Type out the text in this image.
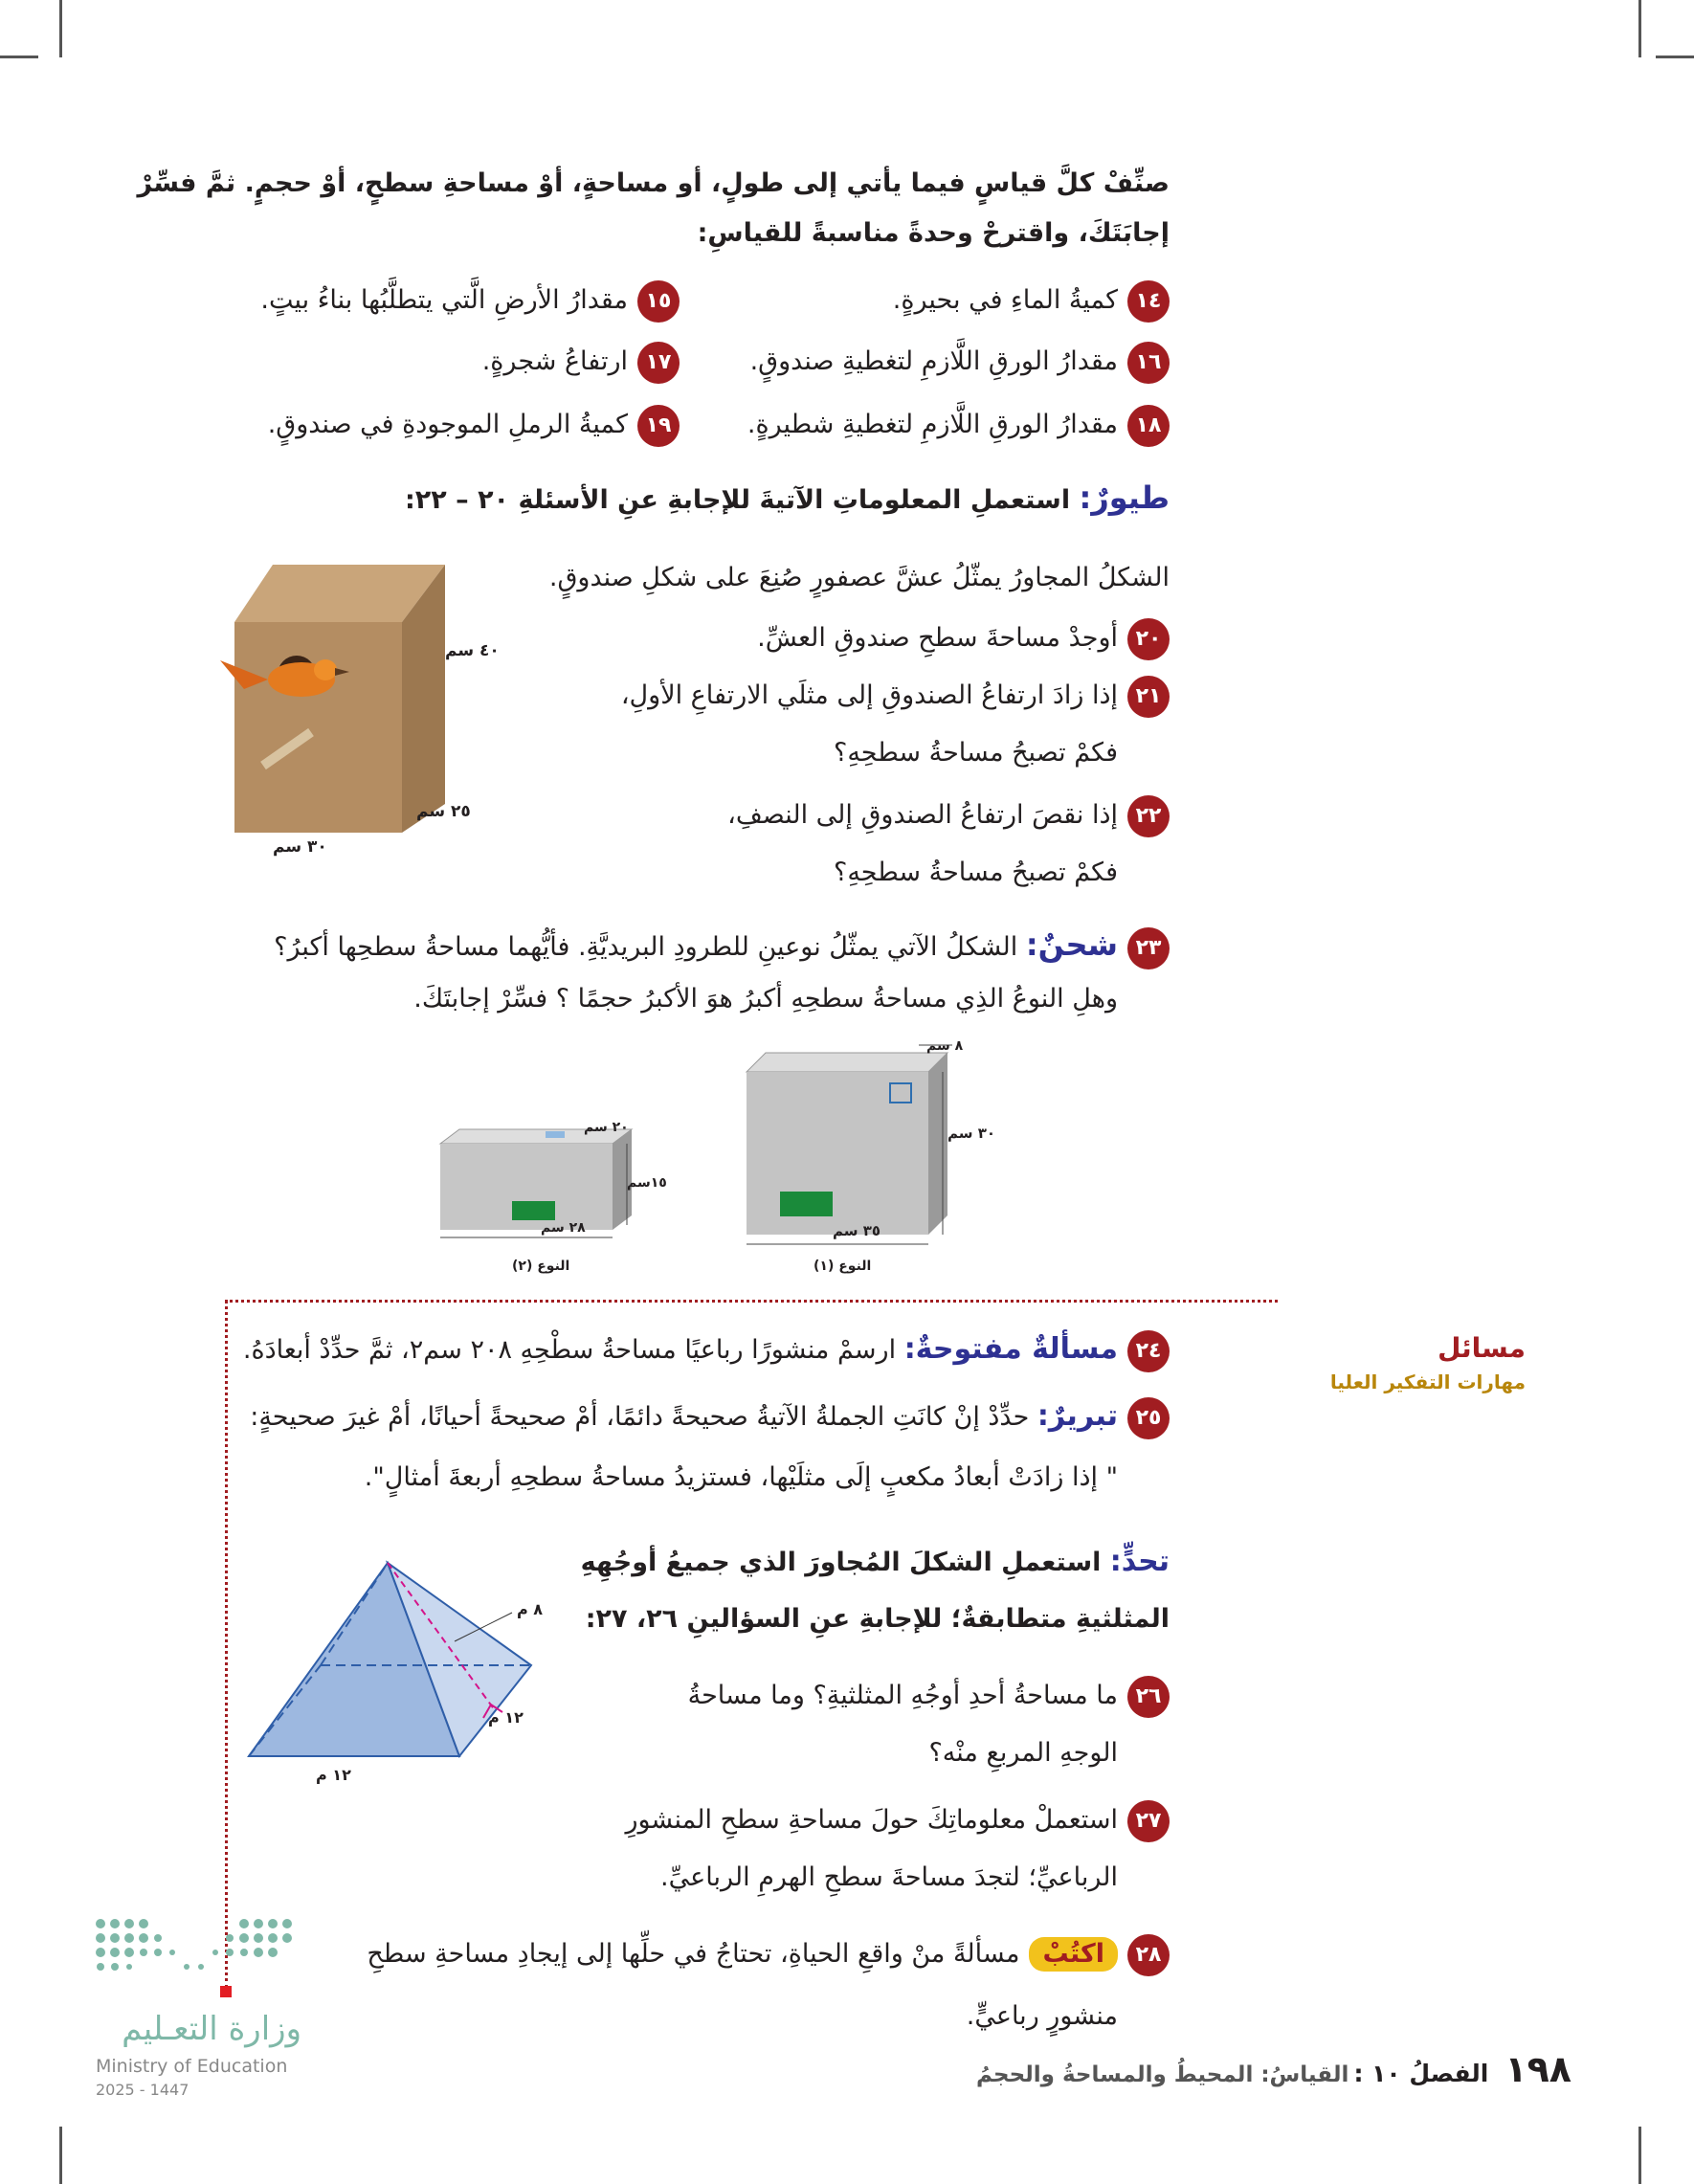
صنِّفْ كلَّ قياسٍ فيما يأتي إلى طولٍ، أو مساحةٍ، أوْ مساحةِ سطحٍ، أوْ حجمٍ. ثمَّ فسِّرْ
إجابَتَكَ، واقترحْ وحدةً مناسبةً للقياسِ:
١٤كميةُ الماءِ في بحيرةٍ.
١٥مقدارُ الأرضِ الَّتي يتطلَّبُها بناءُ بيتٍ.
١٦مقدارُ الورقِ اللَّازمِ لتغطيةِ صندوقٍ.
١٧ارتفاعُ شجرةٍ.
١٨مقدارُ الورقِ اللَّازمِ لتغطيةِ شطيرةٍ.
١٩كميةُ الرملِ الموجودةِ في صندوقٍ.
طيورٌ: استعملِ المعلوماتِ الآتيةَ للإجابةِ عنِ الأسئلةِ ٢٠ – ٢٢:
الشكلُ المجاورُ يمثّلُ عشَّ عصفورٍ صُنِعَ على شكلِ صندوقٍ.
٢٠أوجدْ مساحةَ سطحِ صندوقِ العشِّ.
٢١إذا زادَ ارتفاعُ الصندوقِ إلى مثلَي الارتفاعِ الأولِ،
فكمْ تصبحُ مساحةُ سطحِهِ؟
٢٢إذا نقصَ ارتفاعُ الصندوقِ إلى النصفِ،
فكمْ تصبحُ مساحةُ سطحِهِ؟
٤٠ سم
٢٥ سم
٣٠ سم
٢٣شحنٌ: الشكلُ الآتي يمثّلُ نوعينِ للطرودِ البريديَّةِ. فأيُّهما مساحةُ سطحِها أكبرُ؟
وهلِ النوعُ الذِي مساحةُ سطحِهِ أكبرُ هوَ الأكبرُ حجمًا ؟ فسِّرْ إجابتَكَ.
٨ سم
٣٠ سم
٣٥ سم
النوع (١)
٢٠ سم
١٥سم
٢٨ سم
النوع (٢)
مسائل
مهارات التفكير العليا
٢٤مسألةٌ مفتوحةٌ: ارسمْ منشورًا رباعيًا مساحةُ سطْحِهِ ٢٠٨ سم٢، ثمَّ حدِّدْ أبعادَهُ.
٢٥تبريرٌ: حدِّدْ إنْ كانَتِ الجملةُ الآتيةُ صحيحةً دائمًا، أمْ صحيحةً أحيانًا، أمْ غيرَ صحيحةٍ:
" إذا زادَتْ أبعادُ مكعبٍ إلَى مثلَيْها، فستزيدُ مساحةُ سطحِهِ أربعةَ أمثالٍ".
تحدٍّ: استعملِ الشكلَ المُجاورَ الذي جميعُ أوجُهِهِ
المثلثيةِ متطابقةٌ؛ للإجابةِ عنِ السؤالينِ ٢٦، ٢٧:
٢٦ما مساحةُ أحدِ أوجُهِ المثلثيةِ؟ وما مساحةُ
الوجهِ المربعِ منْه؟
٢٧استعملْ معلوماتِكَ حولَ مساحةِ سطحِ المنشورِ
الرباعيِّ؛ لتجدَ مساحةَ سطحِ الهرمِ الرباعيِّ.
٨ م
١٢ م
١٢ م
٢٨اكتُبْمسألةً منْ واقعِ الحياةِ، تحتاجُ في حلِّها إلى إيجادِ مساحةِ سطحِ
منشورٍ رباعيٍّ.
وزارة التعـليم
Ministry of Education
2025 - 1447	١٩٨ الفصلُ ١٠ : القياسُ: المحيطُ والمساحةُ والحجمُ
